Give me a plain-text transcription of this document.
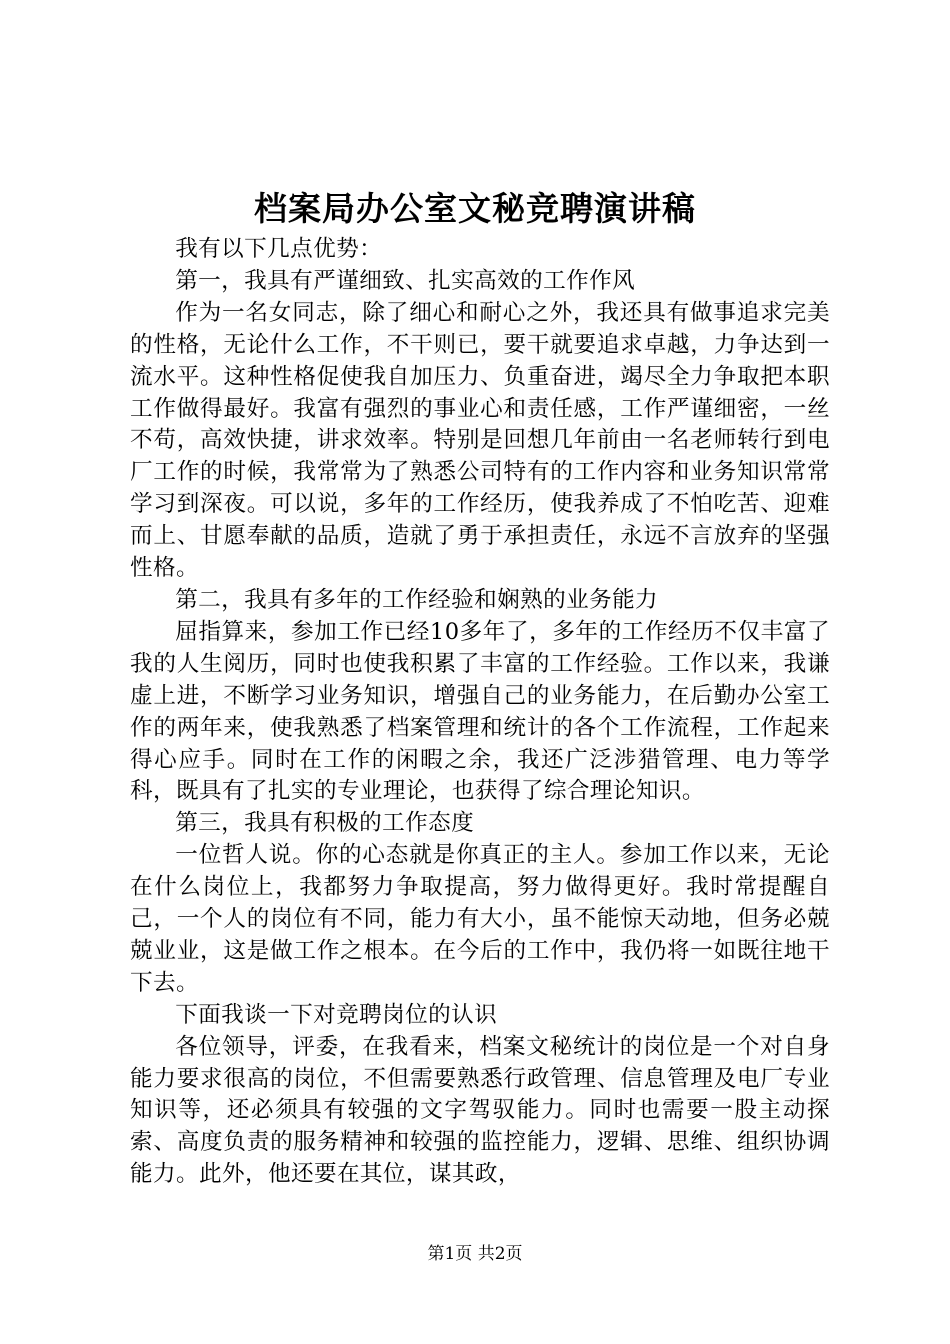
档案局办公室文秘竞聘演讲稿

我有以下几点优势：

第一，我具有严谨细致、扎实高效的工作作风

作为一名女同志，除了细心和耐心之外，我还具有做事追求完美的性格，无论什么工作，不干则已，要干就要追求卓越，力争达到一流水平。这种性格促使我自加压力、负重奋进，竭尽全力争取把本职工作做得最好。我富有强烈的事业心和责任感，工作严谨细密，一丝不苟，高效快捷，讲求效率。特别是回想几年前由一名老师转行到电厂工作的时候，我常常为了熟悉公司特有的工作内容和业务知识常常学习到深夜。可以说，多年的工作经历，使我养成了不怕吃苦、迎难而上、甘愿奉献的品质，造就了勇于承担责任，永远不言放弃的坚强性格。

第二，我具有多年的工作经验和娴熟的业务能力

屈指算来，参加工作已经10多年了，多年的工作经历不仅丰富了我的人生阅历，同时也使我积累了丰富的工作经验。工作以来，我谦虚上进，不断学习业务知识，增强自己的业务能力，在后勤办公室工作的两年来，使我熟悉了档案管理和统计的各个工作流程，工作起来得心应手。同时在工作的闲暇之余，我还广泛涉猎管理、电力等学科，既具有了扎实的专业理论，也获得了综合理论知识。

第三，我具有积极的工作态度

一位哲人说。你的心态就是你真正的主人。参加工作以来，无论在什么岗位上，我都努力争取提高，努力做得更好。我时常提醒自己，一个人的岗位有不同，能力有大小，虽不能惊天动地，但务必兢兢业业，这是做工作之根本。在今后的工作中，我仍将一如既往地干下去。

下面我谈一下对竞聘岗位的认识

各位领导，评委，在我看来，档案文秘统计的岗位是一个对自身能力要求很高的岗位，不但需要熟悉行政管理、信息管理及电厂专业知识等，还必须具有较强的文字驾驭能力。同时也需要一股主动探索、高度负责的服务精神和较强的监控能力，逻辑、思维、组织协调能力。此外，他还要在其位，谋其政，

第1页 共2页
